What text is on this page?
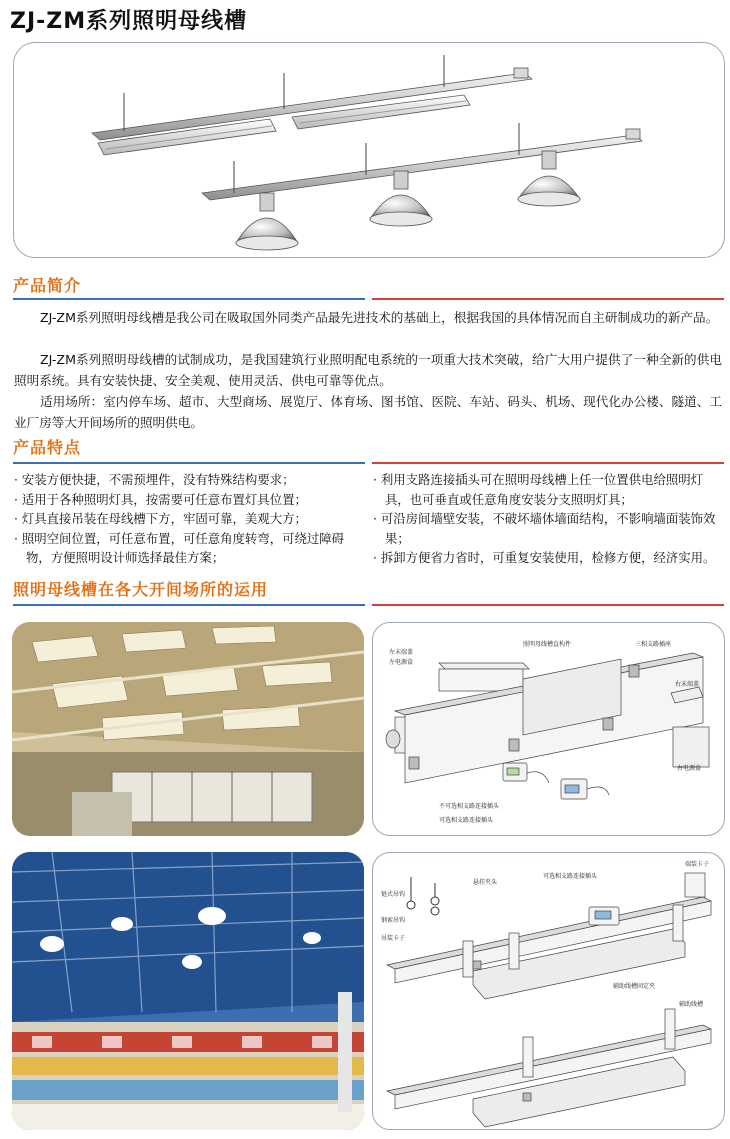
ZJ-ZM系列照明母线槽
产品简介
ZJ-ZM系列照明母线槽是我公司在吸取国外同类产品最先进技术的基础上，根据我国的具体情况而自主研制成功的新产品。
ZJ-ZM系列照明母线槽的试制成功，是我国建筑行业照明配电系统的一项重大技术突破，给广大用户提供了一种全新的供电照明系统。具有安装快捷、安全美观、使用灵活、供电可靠等优点。
适用场所：室内停车场、超市、大型商场、展览厅、体育场、图书馆、医院、车站、码头、机场、现代化办公楼、隧道、工业厂房等大开间场所的照明供电。
产品特点
· 安装方便快捷，不需预埋件，没有特殊结构要求；
· 适用于各种照明灯具，按需要可任意布置灯具位置；
· 灯具直接吊装在母线槽下方，牢固可靠，美观大方；
· 照明空间位置，可任意布置，可任意角度转弯，可绕过障碍物，方便照明设计师选择最佳方案；
· 利用支路连接插头可在照明母线槽上任一位置供电给照明灯具，也可垂直或任意角度安装分支照明灯具；
· 可沿房间墙壁安装，不破坏墙体墙面结构，不影响墙面装饰效果；
· 拆卸方便省力省时，可重复安装使用，检修方便，经济实用。
照明母线槽在各大开间场所的运用
左末端盖
左电源盒
照明母线槽直构件	三相支路插座
右末端盖
右电源盒
不可选相支路连接插头
可选相支路连接插头
悬挂夹头
可选相支路连接插头
端装卡子
链式吊钩
钢索吊钩
吊装卡子
辅助线槽固定夹
辅助线槽
